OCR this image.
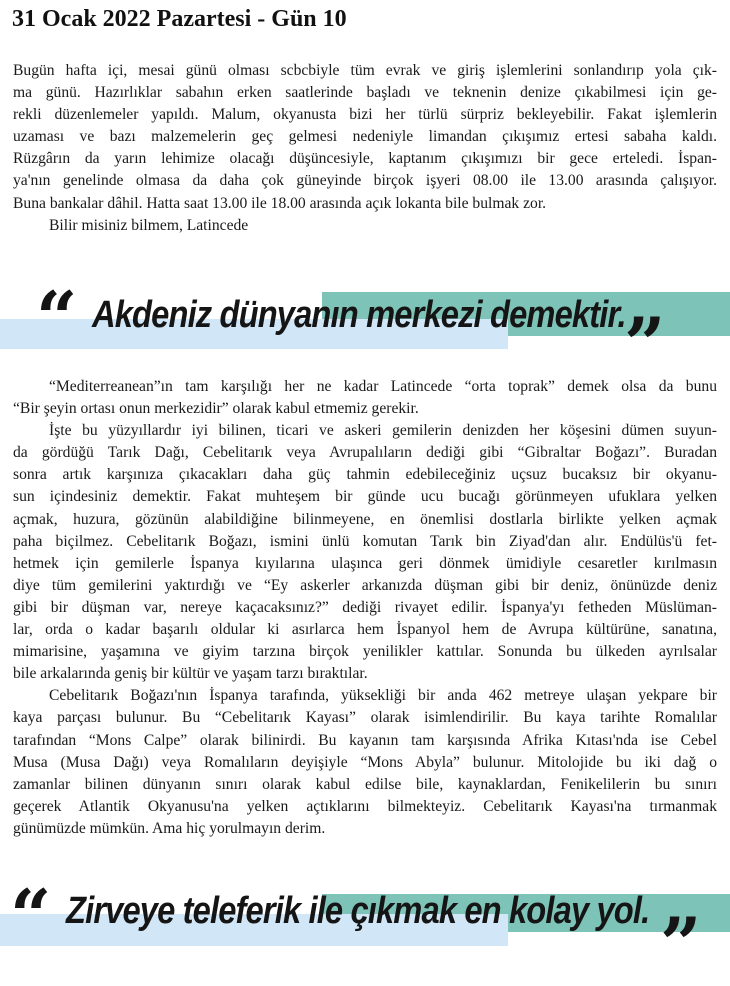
31 Ocak 2022 Pazartesi - Gün 10
Bugün hafta içi, mesai günü olması scbcbiyle tüm evrak ve giriş işlemlerini sonlandırıp yola çık-
ma günü. Hazırlıklar sabahın erken saatlerinde başladı ve teknenin denize çıkabilmesi için ge-
rekli düzenlemeler yapıldı. Malum, okyanusta bizi her türlü sürpriz bekleyebilir. Fakat işlemlerin
uzaması ve bazı malzemelerin geç gelmesi nedeniyle limandan çıkışımız ertesi sabaha kaldı.
Rüzgârın da yarın lehimize olacağı düşüncesiyle, kaptanım çıkışımızı bir gece erteledi. İspan-
ya'nın genelinde olmasa da daha çok güneyinde birçok işyeri 08.00 ile 13.00 arasında çalışıyor.
Buna bankalar dâhil. Hatta saat 13.00 ile 18.00 arasında açık lokanta bile bulmak zor.
Bilir misiniz bilmem, Latincede
“ Akdeniz dünyanın merkezi demektir.
”
“Mediterreanean”ın tam karşılığı her ne kadar Latincede “orta toprak” demek olsa da bunu
“Bir şeyin ortası onun merkezidir” olarak kabul etmemiz gerekir.
İşte bu yüzyıllardır iyi bilinen, ticari ve askeri gemilerin denizden her köşesini dümen suyun-
da gördüğü Tarık Dağı, Cebelitarık veya Avrupalıların dediği gibi “Gibraltar Boğazı”. Buradan
sonra artık karşınıza çıkacakları daha güç tahmin edebileceğiniz uçsuz bucaksız bir okyanu-
sun içindesiniz demektir. Fakat muhteşem bir günde ucu bucağı görünmeyen ufuklara yelken
açmak, huzura, gözünün alabildiğine bilinmeyene, en önemlisi dostlarla birlikte yelken açmak
paha biçilmez. Cebelitarık Boğazı, ismini ünlü komutan Tarık bin Ziyad'dan alır. Endülüs'ü fet-
hetmek için gemilerle İspanya kıyılarına ulaşınca geri dönmek ümidiyle cesaretler kırılmasın
diye tüm gemilerini yaktırdığı ve “Ey askerler arkanızda düşman gibi bir deniz, önünüzde deniz
gibi bir düşman var, nereye kaçacaksınız?” dediği rivayet edilir. İspanya'yı fetheden Müslüman-
lar, orda o kadar başarılı oldular ki asırlarca hem İspanyol hem de Avrupa kültürüne, sanatına,
mimarisine, yaşamına ve giyim tarzına birçok yenilikler kattılar. Sonunda bu ülkeden ayrılsalar
bile arkalarında geniş bir kültür ve yaşam tarzı bıraktılar.
Cebelitarık Boğazı'nın İspanya tarafında, yüksekliği bir anda 462 metreye ulaşan yekpare bir
kaya parçası bulunur. Bu “Cebelitarık Kayası” olarak isimlendirilir. Bu kaya tarihte Romalılar
tarafından “Mons Calpe” olarak bilinirdi. Bu kayanın tam karşısında Afrika Kıtası'nda ise Cebel
Musa (Musa Dağı) veya Romalıların deyişiyle “Mons Abyla” bulunur. Mitolojide bu iki dağ o
zamanlar bilinen dünyanın sınırı olarak kabul edilse bile, kaynaklardan, Fenikelilerin bu sınırı
geçerek Atlantik Okyanusu'na yelken açtıklarını bilmekteyiz. Cebelitarık Kayası'na tırmanmak
günümüzde mümkün. Ama hiç yorulmayın derim.
“ Zirveye teleferik ile çıkmak en kolay yol. ”
